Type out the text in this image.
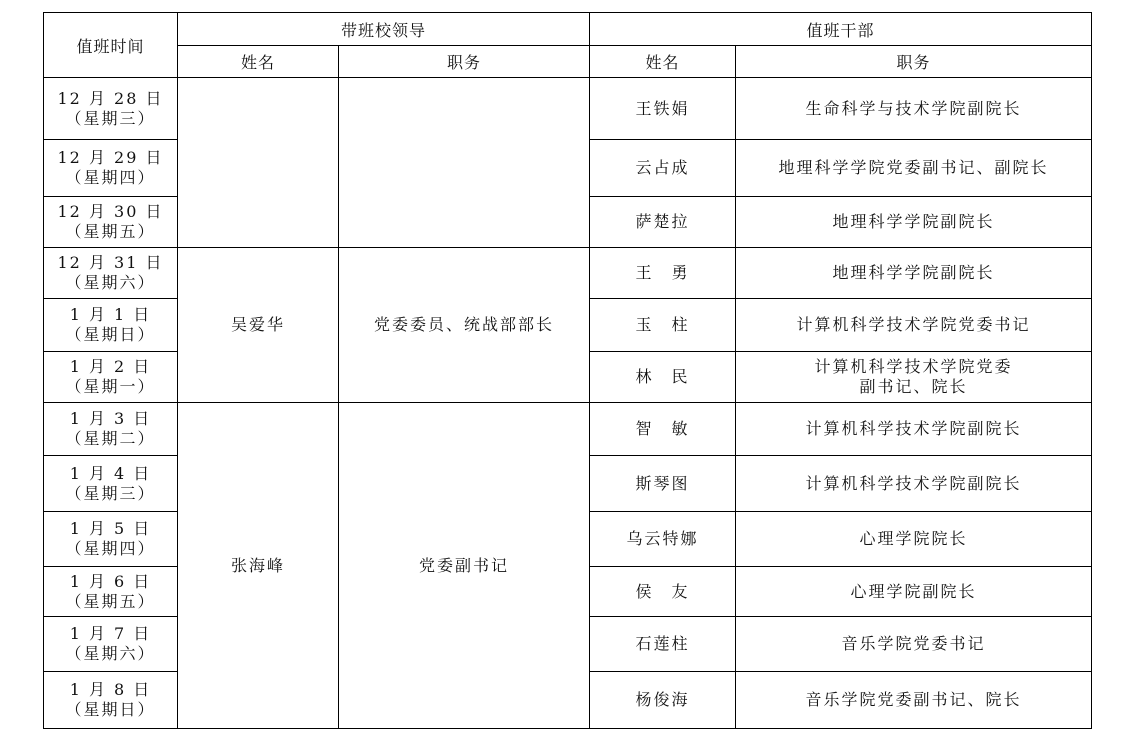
值班时间	带班校领导		值班干部	
	姓名	职务	姓名	职务

12 月 28 日
（星期三）			王铁娟	生命科学与技术学院副院长

12 月 29 日
（星期四）			云占成	地理科学学院党委副书记、副院长

12 月 30 日
（星期五）			萨楚拉	地理科学学院副院长

12 月 31 日
（星期六）	吴爱华	党委委员、统战部部长	王　勇	地理科学学院副院长

1 月 1 日
（星期日）			玉　柱	计算机科学技术学院党委书记

1 月 2 日
（星期一）			林　民	计算机科学技术学院党委
副书记、院长

1 月 3 日
（星期二）	张海峰	党委副书记	智　敏	计算机科学技术学院副院长

1 月 4 日
（星期三）			斯琴图	计算机科学技术学院副院长

1 月 5 日
（星期四）			乌云特娜	心理学院院长

1 月 6 日
（星期五）			侯　友	心理学院副院长

1 月 7 日
（星期六）			石莲柱	音乐学院党委书记

1 月 8 日
（星期日）			杨俊海	音乐学院党委副书记、院长
